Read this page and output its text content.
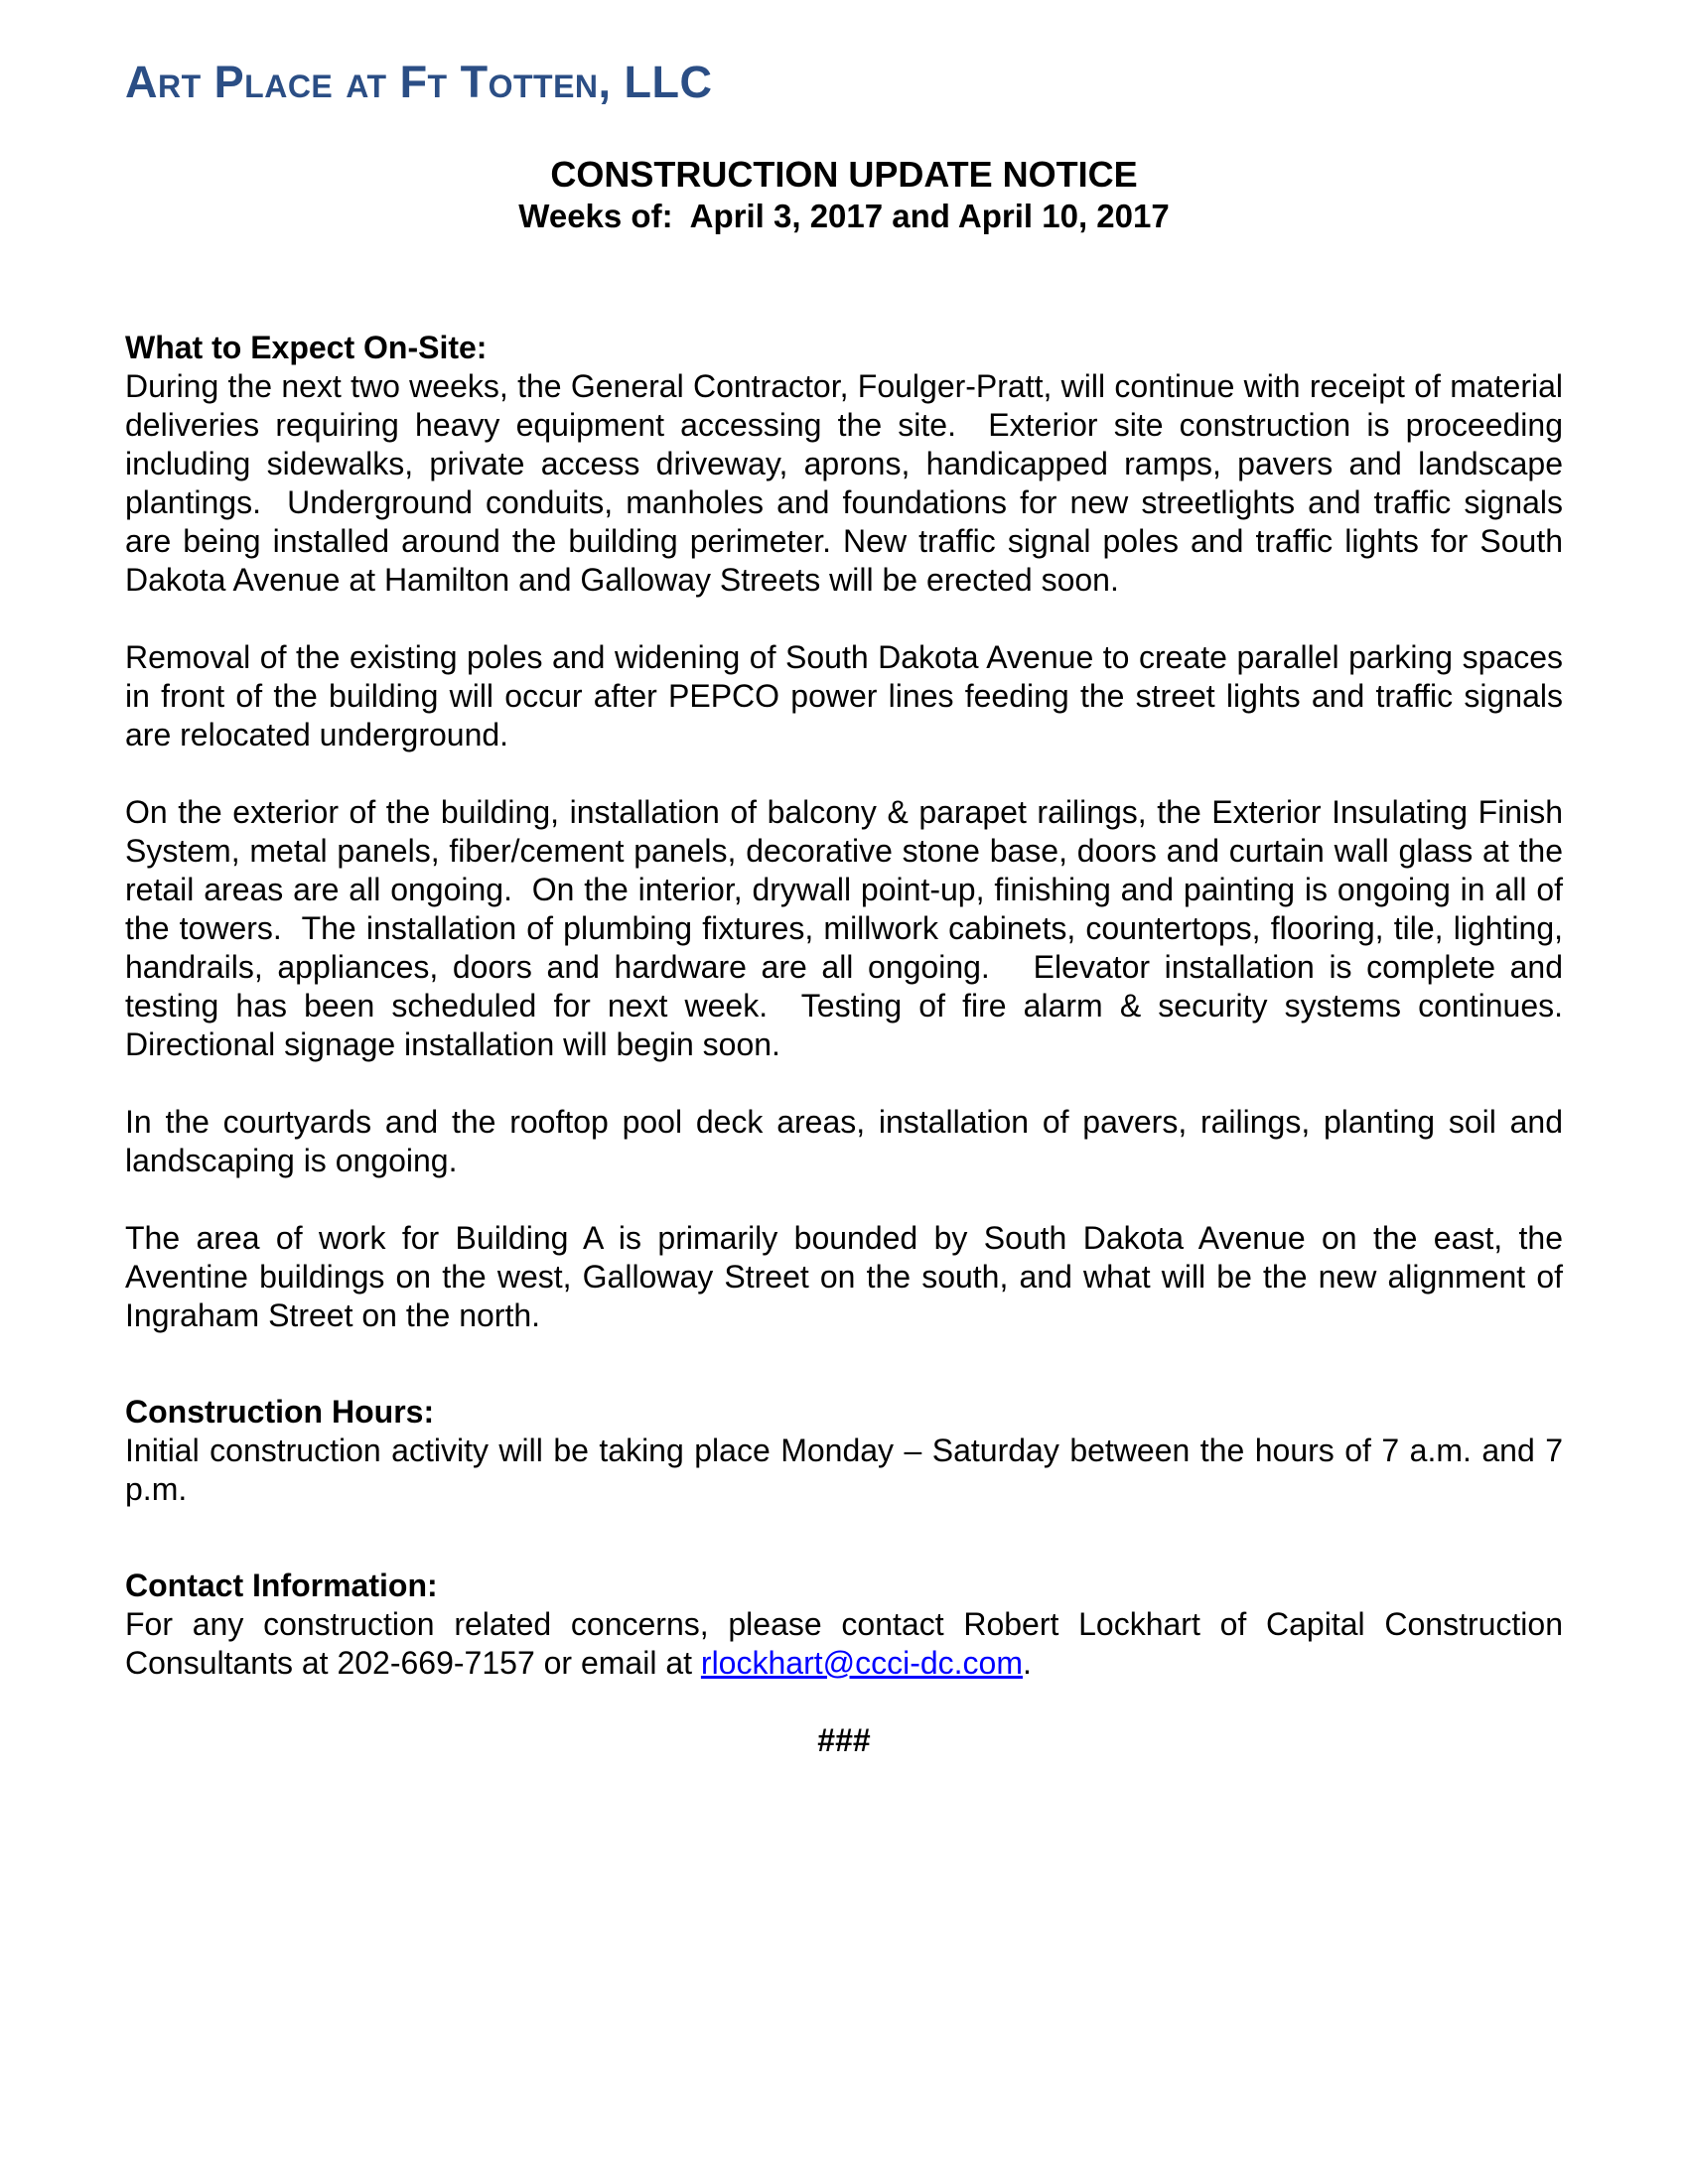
Art Place at Ft Totten, LLC
CONSTRUCTION UPDATE NOTICE
Weeks of:  April 3, 2017 and April 10, 2017
What to Expect On-Site:

During the next two weeks, the General Contractor, Foulger-Pratt, will continue with receipt of material deliveries requiring heavy equipment accessing the site.  Exterior site construction is proceeding including sidewalks, private access driveway, aprons, handicapped ramps, pavers and landscape plantings.  Underground conduits, manholes and foundations for new streetlights and traffic signals are being installed around the building perimeter. New traffic signal poles and traffic lights for South Dakota Avenue at Hamilton and Galloway Streets will be erected soon.

Removal of the existing poles and widening of South Dakota Avenue to create parallel parking spaces in front of the building will occur after PEPCO power lines feeding the street lights and traffic signals are relocated underground.

On the exterior of the building, installation of balcony & parapet railings, the Exterior Insulating Finish System, metal panels, fiber/cement panels, decorative stone base, doors and curtain wall glass at the retail areas are all ongoing.  On the interior, drywall point-up, finishing and painting is ongoing in all of the towers.  The installation of plumbing fixtures, millwork cabinets, countertops, flooring, tile, lighting, handrails, appliances, doors and hardware are all ongoing.   Elevator installation is complete and testing has been scheduled for next week.  Testing of fire alarm & security systems continues. Directional signage installation will begin soon.

In the courtyards and the rooftop pool deck areas, installation of pavers, railings, planting soil and landscaping is ongoing.

The area of work for Building A is primarily bounded by South Dakota Avenue on the east, the Aventine buildings on the west, Galloway Street on the south, and what will be the new alignment of Ingraham Street on the north.

Construction Hours:

Initial construction activity will be taking place Monday – Saturday between the hours of 7 a.m. and 7 p.m.

Contact Information:

For any construction related concerns, please contact Robert Lockhart of Capital Construction Consultants at 202-669-7157 or email at rlockhart@ccci-dc.com.

###
